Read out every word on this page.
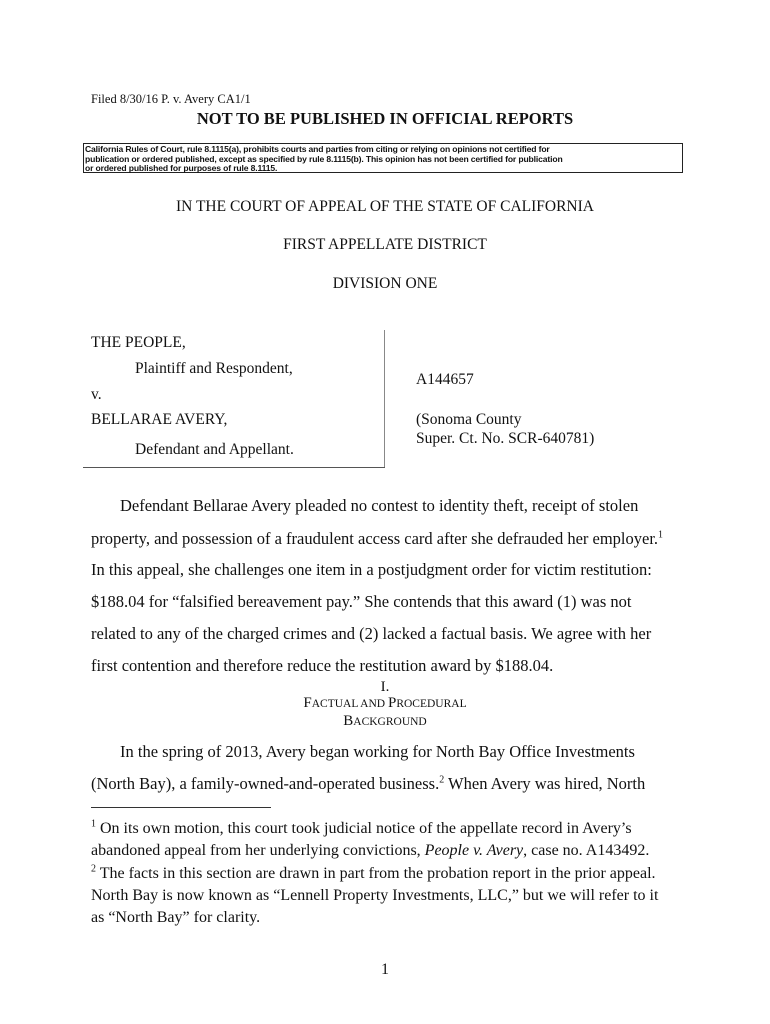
Filed 8/30/16 P. v. Avery CA1/1
NOT TO BE PUBLISHED IN OFFICIAL REPORTS
California Rules of Court, rule 8.1115(a), prohibits courts and parties from citing or relying on opinions not certified for
publication or ordered published, except as specified by rule 8.1115(b). This opinion has not been certified for publication
or ordered published for purposes of rule 8.1115.
IN THE COURT OF APPEAL OF THE STATE OF CALIFORNIA
FIRST APPELLATE DISTRICT
DIVISION ONE
THE PEOPLE,
Plaintiff and Respondent,
v.
BELLARAE AVERY,
Defendant and Appellant.
A144657
(Sonoma County
Super. Ct. No. SCR-640781)
Defendant Bellarae Avery pleaded no contest to identity theft, receipt of stolen
property, and possession of a fraudulent access card after she defrauded her employer.$^1$
In this appeal, she challenges one item in a postjudgment order for victim restitution:
$188.04 for “falsified bereavement pay.” She contends that this award (1) was not
related to any of the charged crimes and (2) lacked a factual basis. We agree with her
first contention and therefore reduce the restitution award by $188.04.
I.
FACTUAL AND PROCEDURAL
BACKGROUND
In the spring of 2013, Avery began working for North Bay Office Investments
(North Bay), a family-owned-and-operated business.$^2$ When Avery was hired, North
$^1$ On its own motion, this court took judicial notice of the appellate record in Avery’s
abandoned appeal from her underlying convictions, People v. Avery, case no. A143492.
$^2$ The facts in this section are drawn in part from the probation report in the prior appeal.
North Bay is now known as “Lennell Property Investments, LLC,” but we will refer to it
as “North Bay” for clarity.
1
